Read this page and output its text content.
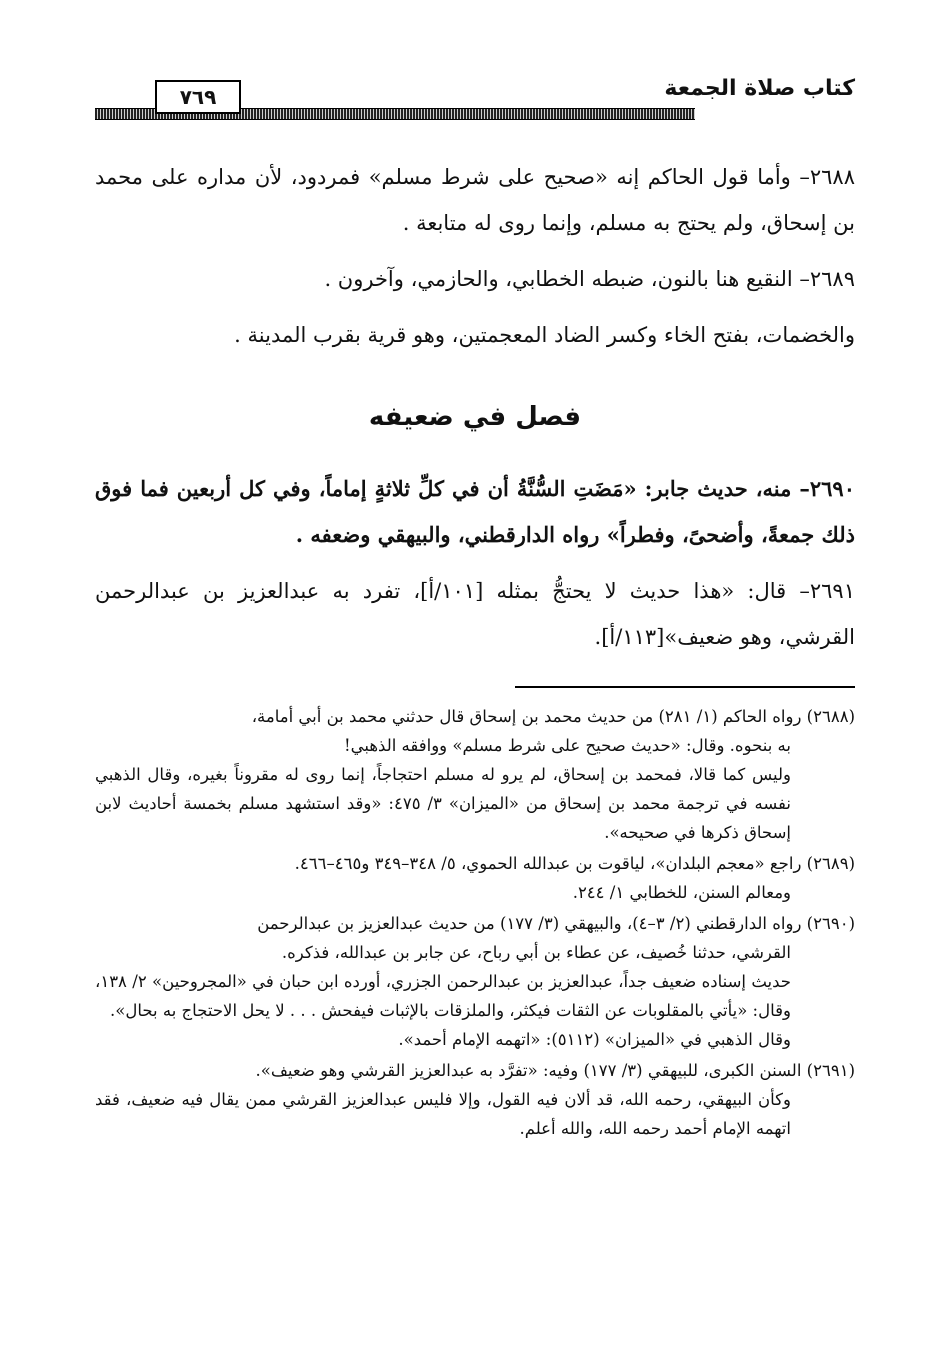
كتاب صلاة الجمعة
٧٦٩

٢٦٨٨– وأما قول الحاكم إنه «صحيح على شرط مسلم» فمردود، لأن مداره على محمد بن إسحاق، ولم يحتج به مسلم، وإنما روى له متابعة .

٢٦٨٩– النقيع هنا بالنون، ضبطه الخطابي، والحازمي، وآخرون .

والخضمات، بفتح الخاء وكسر الضاد المعجمتين، وهو قرية بقرب المدينة .

فصل في ضعيفه

٢٦٩٠– منه، حديث جابر: «مَضَتِ السُّنَّةُ أن في كلِّ ثلاثةٍ إماماً، وفي كل أربعين فما فوق ذلك جمعةً، وأضحىً، وفطراً» رواه الدارقطني، والبيهقي وضعفه .

٢٦٩١– قال: «هذا حديث لا يحتجُّ بمثله [١٠١/أ]، تفرد به عبدالعزيز بن عبدالرحمن القرشي، وهو ضعيف»[١١٣/أ].

(٢٦٨٨) رواه الحاكم (١/ ٢٨١) من حديث محمد بن إسحاق قال حدثني محمد بن أبي أمامة،
به بنحوه. وقال: «حديث صحيح على شرط مسلم» ووافقه الذهبي!
وليس كما قالا، فمحمد بن إسحاق، لم يرو له مسلم احتجاجاً، إنما روى له مقروناً بغيره، وقال الذهبي نفسه في ترجمة محمد بن إسحاق من «الميزان» ٣/ ٤٧٥: «وقد استشهد مسلم بخمسة أحاديث لابن إسحاق ذكرها في صحيحه».
(٢٦٨٩) راجع «معجم البلدان»، لياقوت بن عبدالله الحموي، ٥/ ٣٤٨–٣٤٩ و٤٦٥–٤٦٦.
ومعالم السنن، للخطابي ١/ ٢٤٤.
(٢٦٩٠) رواه الدارقطني (٢/ ٣–٤)، والبيهقي (٣/ ١٧٧) من حديث عبدالعزيز بن عبدالرحمن
القرشي، حدثنا خُصيف، عن عطاء بن أبي رباح، عن جابر بن عبدالله، فذكره.
حديث إسناده ضعيف جداً، عبدالعزيز بن عبدالرحمن الجزري، أورده ابن حبان في «المجروحين» ٢/ ١٣٨، وقال: «يأتي بالمقلوبات عن الثقات فيكثر، والملزقات بالإثبات فيفحش . . . لا يحل الاحتجاج به بحال».
وقال الذهبي في «الميزان» (٥١١٢): «اتهمه الإمام أحمد».
(٢٦٩١) السنن الكبرى، للبيهقي (٣/ ١٧٧) وفيه: «تفرَّد به عبدالعزيز القرشي وهو ضعيف».
وكأن البيهقي، رحمه الله، قد ألان فيه القول، وإلا فليس عبدالعزيز القرشي ممن يقال فيه ضعيف، فقد اتهمه الإمام أحمد رحمه الله، والله أعلم.
